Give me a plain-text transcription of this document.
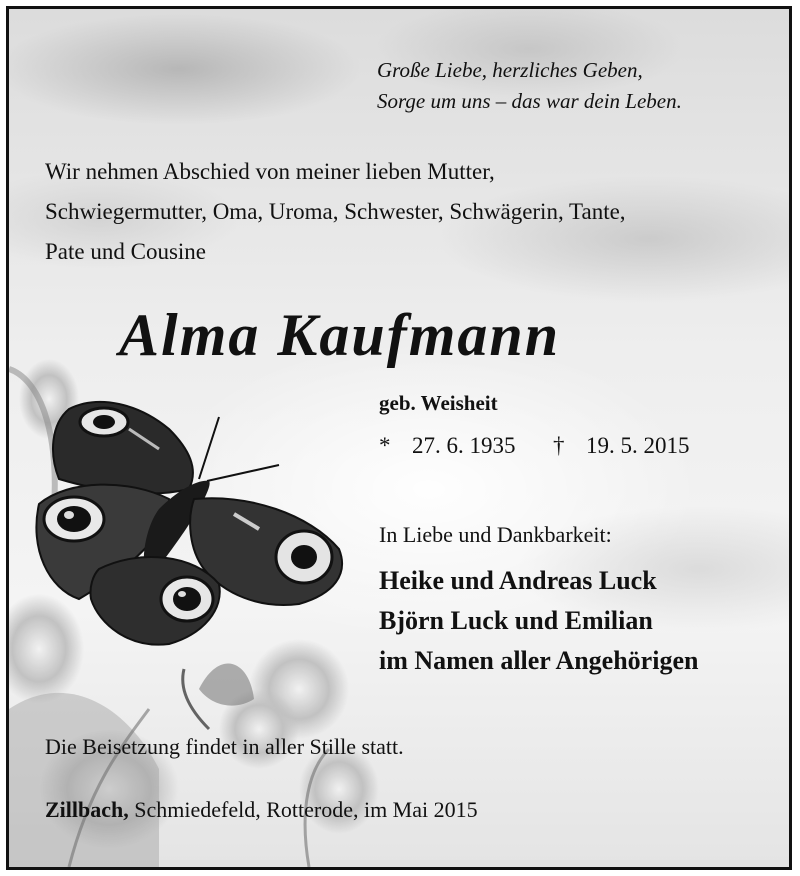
Große Liebe, herzliches Geben,
Sorge um uns – das war dein Leben.
Wir nehmen Abschied von meiner lieben Mutter,
Schwiegermutter, Oma, Uroma, Schwester, Schwägerin, Tante,
Pate und Cousine
Alma Kaufmann
geb. Weisheit
* 27. 6. 1935 † 19. 5. 2015
In Liebe und Dankbarkeit:
Heike und Andreas Luck
Björn Luck und Emilian
im Namen aller Angehörigen
Die Beisetzung findet in aller Stille statt.
Zillbach, Schmiedefeld, Rotterode, im Mai 2015
